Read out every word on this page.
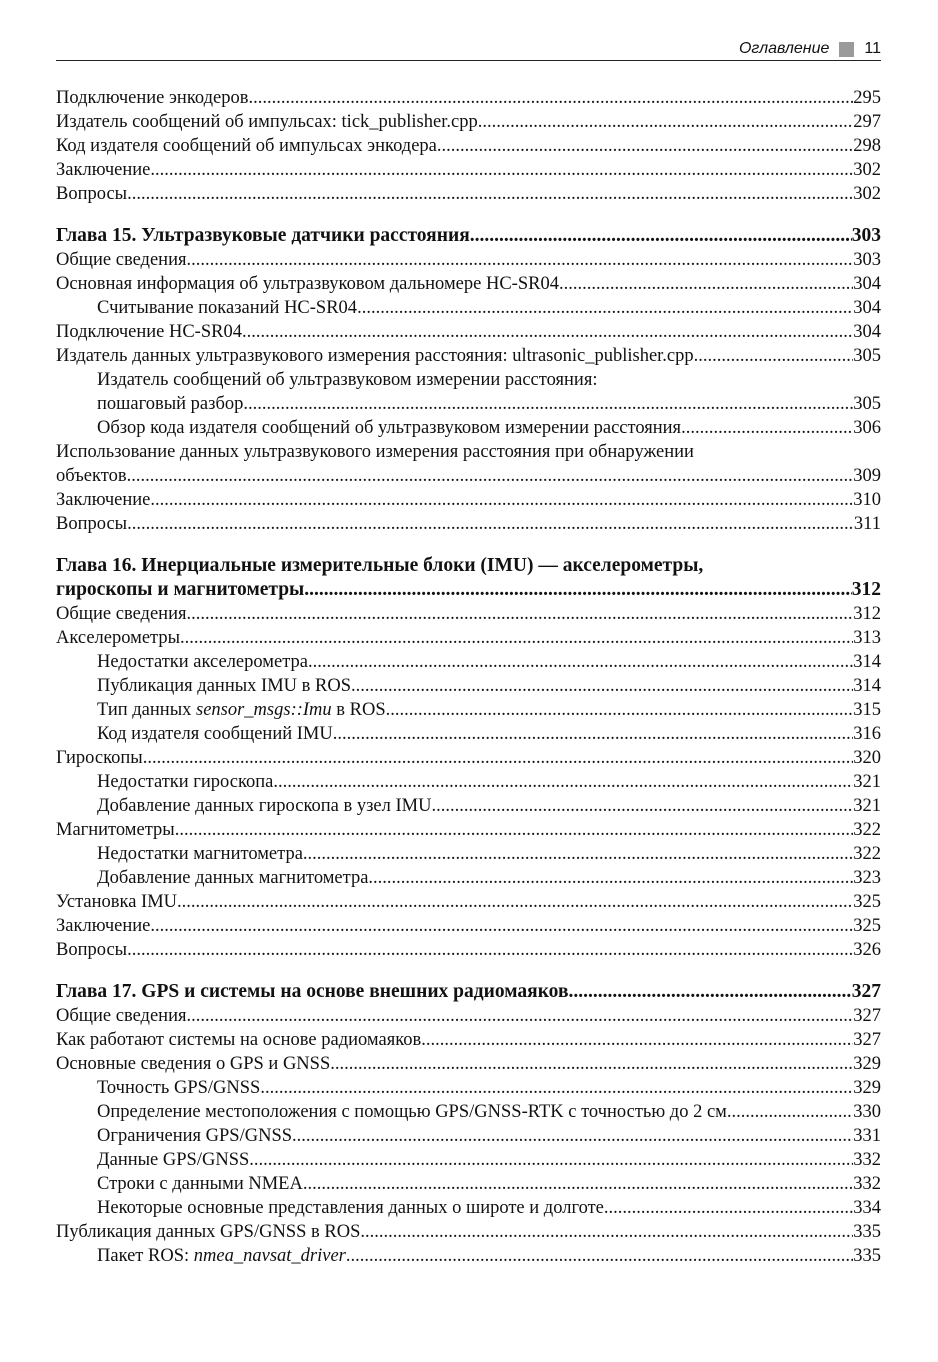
Оглавление 11
Подключение энкодеров .....	295
Издатель сообщений об импульсах: tick_publisher.cpp .....	297
Код издателя сообщений об импульсах энкодера .....	298
Заключение .....	302
Вопросы .....	302
Глава 15. Ультразвуковые датчики расстояния .....	303
Общие сведения .....	303
Основная информация об ультразвуковом дальномере HC-SR04 .....	304
Считывание показаний HC-SR04 .....	304
Подключение HC-SR04 .....	304
Издатель данных ультразвукового измерения расстояния: ultrasonic_publisher.cpp .....	305
Издатель сообщений об ультразвуковом измерении расстояния:
пошаговый разбор .....	305
Обзор кода издателя сообщений об ультразвуковом измерении расстояния .....	306
Использование данных ультразвукового измерения расстояния при обнаружении
объектов .....	309
Заключение .....	310
Вопросы .....	311
Глава 16. Инерциальные измерительные блоки (IMU) — акселерометры,
гироскопы и магнитометры .....	312
Общие сведения .....	312
Акселерометры .....	313
Недостатки акселерометра .....	314
Публикация данных IMU в ROS .....	314
Тип данных sensor_msgs::Imu в ROS .....	315
Код издателя сообщений IMU .....	316
Гироскопы .....	320
Недостатки гироскопа .....	321
Добавление данных гироскопа в узел IMU .....	321
Магнитометры .....	322
Недостатки магнитометра .....	322
Добавление данных магнитометра .....	323
Установка IMU .....	325
Заключение .....	325
Вопросы .....	326
Глава 17. GPS и системы на основе внешних радиомаяков .....	327
Общие сведения .....	327
Как работают системы на основе радиомаяков .....	327
Основные сведения о GPS и GNSS .....	329
Точность GPS/GNSS .....	329
Определение местоположения с помощью GPS/GNSS-RTK с точностью до 2 см .....	330
Ограничения GPS/GNSS .....	331
Данные GPS/GNSS .....	332
Строки с данными NMEA .....	332
Некоторые основные представления данных о широте и долготе .....	334
Публикация данных GPS/GNSS в ROS .....	335
Пакет ROS: nmea_navsat_driver .....	335
